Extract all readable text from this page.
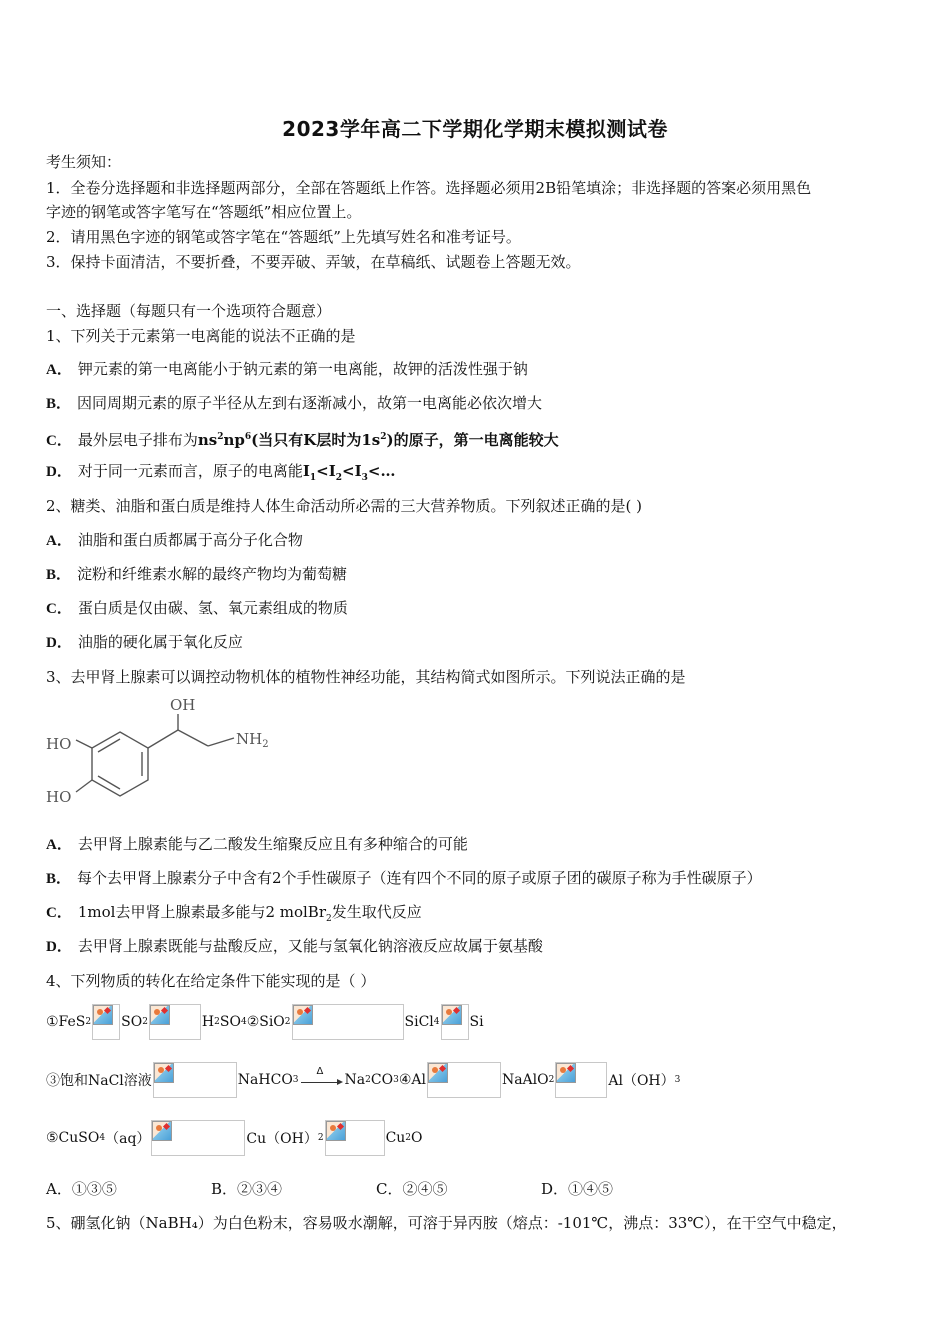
2023学年高二下学期化学期末模拟测试卷
考生须知：
1．全卷分选择题和非选择题两部分，全部在答题纸上作答。选择题必须用2B铅笔填涂；非选择题的答案必须用黑色
字迹的钢笔或答字笔写在“答题纸”相应位置上。
2．请用黑色字迹的钢笔或答字笔在“答题纸”上先填写姓名和准考证号。
3．保持卡面清洁，不要折叠，不要弄破、弄皱，在草稿纸、试题卷上答题无效。
一、选择题（每题只有一个选项符合题意）
1、下列关于元素第一电离能的说法不正确的是
A． 钾元素的第一电离能小于钠元素的第一电离能，故钾的活泼性强于钠
B． 因同周期元素的原子半径从左到右逐渐减小，故第一电离能必依次增大
C． 最外层电子排布为$ns^2np^6$(当只有K层时为$1s^2$)的原子，第一电离能较大
D． 对于同一元素而言，原子的电离能$I_1<I_2<I_3<\dots$
2、糖类、油脂和蛋白质是维持人体生命活动所必需的三大营养物质。下列叙述正确的是( )
A． 油脂和蛋白质都属于高分子化合物
B． 淀粉和纤维素水解的最终产物均为葡萄糖
C． 蛋白质是仅由碳、氢、氧元素组成的物质
D． 油脂的硬化属于氧化反应
3、去甲肾上腺素可以调控动物机体的植物性神经功能，其结构简式如图所示。下列说法正确的是
OH
$NH_2$
HO
HO
A． 去甲肾上腺素能与乙二酸发生缩聚反应且有多种缩合的可能
B． 每个去甲肾上腺素分子中含有2个手性碳原子（连有四个不同的原子或原子团的碳原子称为手性碳原子）
C． 1mol去甲肾上腺素最多能与2 molBr$_2$发生取代反应
D． 去甲肾上腺素既能与盐酸反应，又能与氢氧化钠溶液反应故属于氨基酸
4、下列物质的转化在给定条件下能实现的是（ ）
①FeS 2 SO 2	H 2 SO 4 ②SiO 2	SiCl 4 Si
③饱和NaCl溶液	NaHCO 3
Δ
Na 2 CO 3 ④Al	NaAlO 2	Al（OH） 3
⑤CuSO 4 （aq）	Cu（OH） 2	Cu 2 O
A．①③⑤	B．②③④	C．②④⑤	D．①④⑤
5、硼氢化钠（NaBH₄）为白色粉末，容易吸水潮解，可溶于异丙胺（熔点：-101℃，沸点：33℃），在干空气中稳定，
